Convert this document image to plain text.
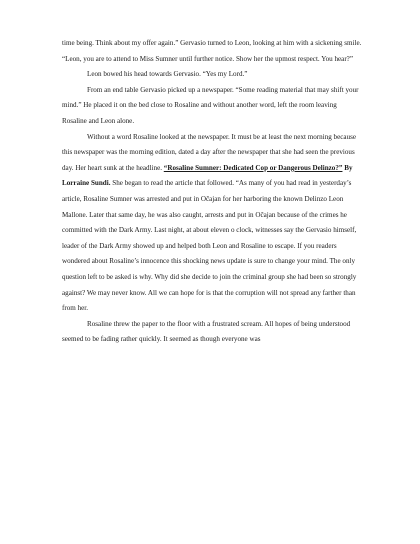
time being. Think about my offer again.” Gervasio turned to Leon, looking at him with a sickening smile. “Leon, you are to attend to Miss Sumner until further notice. Show her the upmost respect. You hear?”

Leon bowed his head towards Gervasio. “Yes my Lord.”

From an end table Gervasio picked up a newspaper. “Some reading material that may shift your mind.” He placed it on the bed close to Rosaline and without another word, left the room leaving Rosaline and Leon alone.

Without a word Rosaline looked at the newspaper. It must be at least the next morning because this newspaper was the morning edition, dated a day after the newspaper that she had seen the previous day. Her heart sunk at the headline. “Rosaline Sumner: Dedicated Cop or Dangerous Delinzo?” By Lorraine Sundi. She began to read the article that followed. “As many of you had read in yesterday’s article, Rosaline Sumner was arrested and put in Očajan for her harboring the known Delinzo Leon Mallone. Later that same day, he was also caught, arrests and put in Očajan because of the crimes he committed with the Dark Army. Last night, at about eleven o clock, witnesses say the Gervasio himself, leader of the Dark Army showed up and helped both Leon and Rosaline to escape. If you readers wondered about Rosaline’s innocence this shocking news update is sure to change your mind. The only question left to be asked is why. Why did she decide to join the criminal group she had been so strongly against? We may never know. All we can hope for is that the corruption will not spread any farther than from her.

Rosaline threw the paper to the floor with a frustrated scream. All hopes of being understood seemed to be fading rather quickly. It seemed as though everyone was
